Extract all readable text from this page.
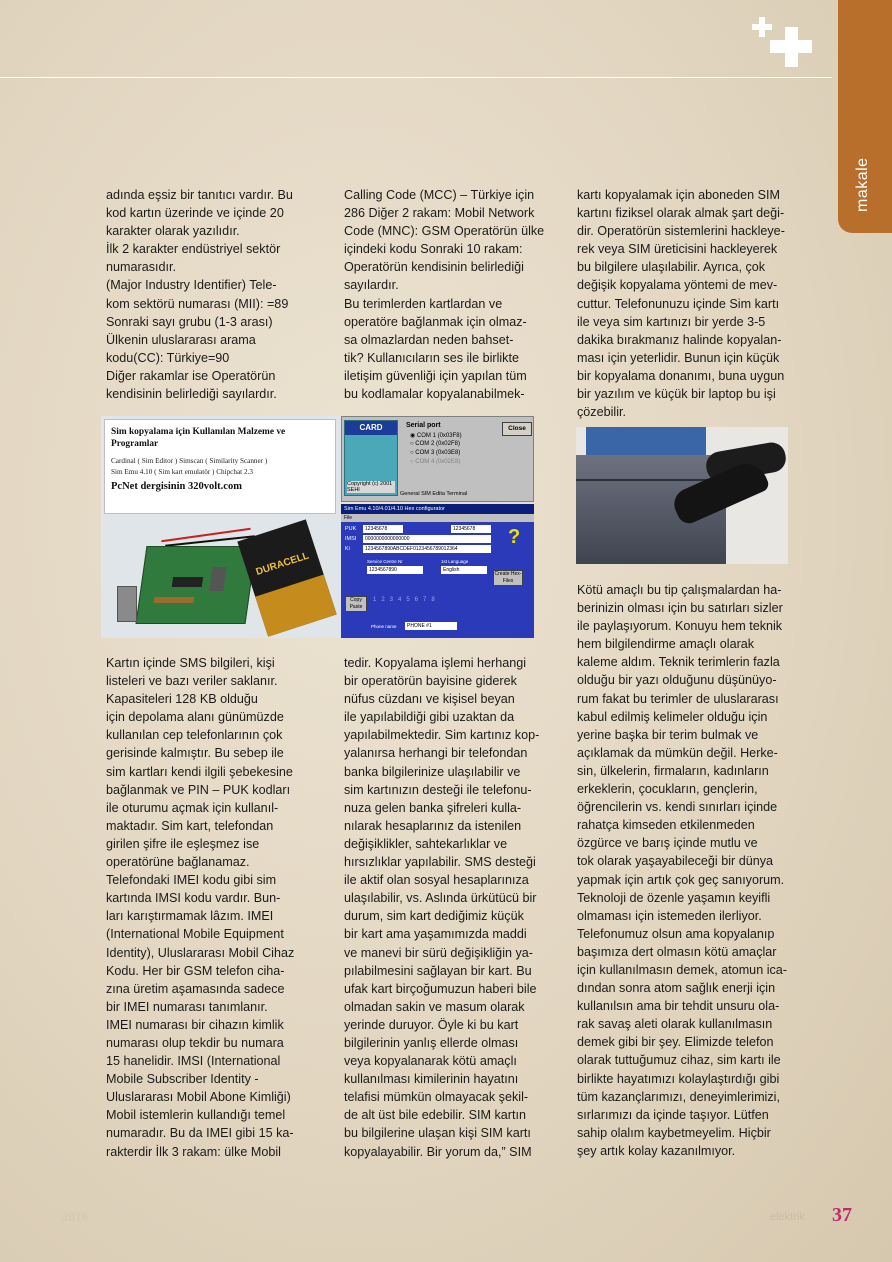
makale

adında eşsiz bir tanıtıcı vardır. Bu
kod kartın üzerinde ve içinde 20
karakter olarak yazılıdır.
İlk 2 karakter endüstriyel sektör
numarasıdır.
(Major Industry Identifier) Tele-
kom sektörü numarası (MII): =89
Sonraki sayı grubu (1-3 arası)
Ülkenin uluslararası arama
kodu(CC): Türkiye=90
Diğer rakamlar ise Operatörün
kendisinin belirlediği sayılardır.

Calling Code (MCC) – Türkiye için
286 Diğer 2 rakam: Mobil Network
Code (MNC): GSM Operatörün ülke
içindeki kodu Sonraki 10 rakam:
Operatörün kendisinin belirlediği
sayılardır.
Bu terimlerden kartlardan ve
operatöre bağlanmak için olmaz-
sa olmazlardan neden bahset-
tik? Kullanıcıların ses ile birlikte
iletişim güvenliği için yapılan tüm
bu kodlamalar kopyalanabilmek-

kartı kopyalamak için aboneden SIM
kartını fiziksel olarak almak şart deği-
dir. Operatörün sistemlerini hackleye-
rek veya SIM üreticisini hackleyerek
bu bilgilere ulaşılabilir. Ayrıca, çok
değişik kopyalama yöntemi de mev-
cuttur. Telefonunuzu içinde Sim kartı
ile veya sim kartınızı bir yerde 3-5
dakika bırakmanız halinde kopyalan-
ması için yeterlidir. Bunun için küçük
bir kopyalama donanımı, buna uygun
bir yazılım ve küçük bir laptop bu işi
çözebilir.

Sim kopyalama için Kullanılan Malzeme ve Programlar
Cardinal ( Sim Editor ) Simscan ( Similarity Scanner )
Sim Emu 4.10 ( Sim kart emulatör ) Chipchat 2.3
PcNet dergisinin 320volt.com
DURACELL
CARD
Copyright (c) 2001 SEHI
Serial port
◉ COM 1 (0x03F8)
○ COM 2 (0x02F8)
○ COM 3 (0x03E8)
○ COM 4 (0x02E8)
Close
General SIM Edita Terminal
Sim Emu 4.10/4.01/4.10 Hex configurator
File
PUK	12345678	12345678
IMSI	0000000000000000
Ki	1234567890ABCDEF0123456789012364
?
Service Centre Nr
1234567890
1st Language
English
Create Hex-Files
Copy Paste
12345678
Phone name	PHONE #1

Kartın içinde SMS bilgileri, kişi
listeleri ve bazı veriler saklanır.
Kapasiteleri 128 KB olduğu
için depolama alanı günümüzde
kullanılan cep telefonlarının çok
gerisinde kalmıştır. Bu sebep ile
sim kartları kendi ilgili şebekesine
bağlanmak ve PIN – PUK kodları
ile oturumu açmak için kullanıl-
maktadır. Sim kart, telefondan
girilen şifre ile eşleşmez ise
operatörüne bağlanamaz.
Telefondaki IMEI kodu gibi sim
kartında IMSI kodu vardır. Bun-
ları karıştırmamak lâzım. IMEI
(International Mobile Equipment
Identity), Uluslararası Mobil Cihaz
Kodu. Her bir GSM telefon ciha-
zına üretim aşamasında sadece
bir IMEI numarası tanımlanır.
IMEI numarası bir cihazın kimlik
numarası olup tekdir bu numara
15 hanelidir. IMSI (International
Mobile Subscriber Identity -
Uluslararası Mobil Abone Kimliği)
Mobil istemlerin kullandığı temel
numaradır. Bu da IMEI gibi 15 ka-
rakterdir İlk 3 rakam: ülke Mobil

tedir. Kopyalama işlemi herhangi
bir operatörün bayisine giderek
nüfus cüzdanı ve kişisel beyan
ile yapılabildiği gibi uzaktan da
yapılabilmektedir. Sim kartınız kop-
yalanırsa herhangi bir telefondan
banka bilgilerinize ulaşılabilir ve
sim kartınızın desteği ile telefonu-
nuza gelen banka şifreleri kulla-
nılarak hesaplarınız da istenilen
değişiklikler, sahtekarlıklar ve
hırsızlıklar yapılabilir. SMS desteği
ile aktif olan sosyal hesaplarınıza
ulaşılabilir, vs. Aslında ürkütücü bir
durum, sim kart dediğimiz küçük
bir kart ama yaşamımızda maddi
ve manevi bir sürü değişikliğin ya-
pılabilmesini sağlayan bir kart. Bu
ufak kart birçoğumuzun haberi bile
olmadan sakin ve masum olarak
yerinde duruyor. Öyle ki bu kart
bilgilerinin yanlış ellerde olması
veya kopyalanarak kötü amaçlı
kullanılması kimilerinin hayatını
telafisi mümkün olmayacak şekil-
de alt üst bile edebilir. SIM kartın
bu bilgilerine ulaşan kişi SIM kartı
kopyalayabilir. Bir yorum da,” SIM

Kötü amaçlı bu tip çalışmalardan ha-
berinizin olması için bu satırları sizler
ile paylaşıyorum. Konuyu hem teknik
hem bilgilendirme amaçlı olarak
kaleme aldım. Teknik terimlerin fazla
olduğu bir yazı olduğunu düşünüyo-
rum fakat bu terimler de uluslararası
kabul edilmiş kelimeler olduğu için
yerine başka bir terim bulmak ve
açıklamak da mümkün değil. Herke-
sin, ülkelerin, firmaların, kadınların
erkeklerin, çocukların, gençlerin,
öğrencilerin vs. kendi sınırları içinde
rahatça kimseden etkilenmeden
özgürce ve barış içinde mutlu ve
tok olarak yaşayabileceği bir dünya
yapmak için artık çok geç sanıyorum.
Teknoloji de özenle yaşamın keyifli
olmaması için istemeden ilerliyor.
Telefonumuz olsun ama kopyalanıp
başımıza dert olmasın kötü amaçlar
için kullanılmasın demek, atomun ica-
dından sonra atom sağlık enerji için
kullanılsın ama bir tehdit unsuru ola-
rak savaş aleti olarak kullanılmasın
demek gibi bir şey. Elimizde telefon
olarak tuttuğumuz cihaz, sim kartı ile
birlikte hayatımızı kolaylaştırdığı gibi
tüm kazançlarımızı, deneyimlerimizi,
sırlarımızı da içinde taşıyor. Lütfen
sahip olalım kaybetmeyelim. Hiçbir
şey artık kolay kazanılmıyor.

2016	elektrik 37
